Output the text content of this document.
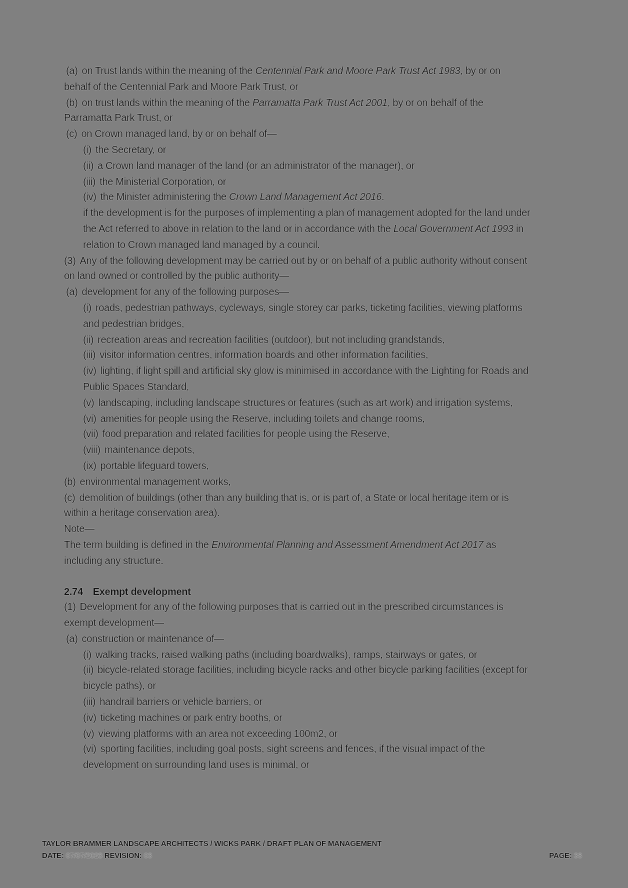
(a) on Trust lands within the meaning of the Centennial Park and Moore Park Trust Act 1983, by or on
behalf of the Centennial Park and Moore Park Trust, or
(b) on trust lands within the meaning of the Parramatta Park Trust Act 2001, by or on behalf of the
Parramatta Park Trust, or
(c) on Crown managed land, by or on behalf of—
(i) the Secretary, or
(ii) a Crown land manager of the land (or an administrator of the manager), or
(iii) the Ministerial Corporation, or
(iv) the Minister administering the Crown Land Management Act 2016.
if the development is for the purposes of implementing a plan of management adopted for the land under
the Act referred to above in relation to the land or in accordance with the Local Government Act 1993 in
relation to Crown managed land managed by a council.
(3) Any of the following development may be carried out by or on behalf of a public authority without consent
on land owned or controlled by the public authority—
(a) development for any of the following purposes—
(i) roads, pedestrian pathways, cycleways, single storey car parks, ticketing facilities, viewing platforms
and pedestrian bridges,
(ii) recreation areas and recreation facilities (outdoor), but not including grandstands,
(iii) visitor information centres, information boards and other information facilities,
(iv) lighting, if light spill and artificial sky glow is minimised in accordance with the Lighting for Roads and
Public Spaces Standard,
(v) landscaping, including landscape structures or features (such as art work) and irrigation systems,
(vi) amenities for people using the Reserve, including toilets and change rooms,
(vii) food preparation and related facilities for people using the Reserve,
(viii) maintenance depots,
(ix) portable lifeguard towers,
(b) environmental management works,
(c) demolition of buildings (other than any building that is, or is part of, a State or local heritage item or is
within a heritage conservation area).
Note—
The term building is defined in the Environmental Planning and Assessment Amendment Act 2017 as
including any structure.
2.74 Exempt development
(1) Development for any of the following purposes that is carried out in the prescribed circumstances is
exempt development—
(a) construction or maintenance of—
(i) walking tracks, raised walking paths (including boardwalks), ramps, stairways or gates, or
(ii) bicycle-related storage facilities, including bicycle racks and other bicycle parking facilities (except for
bicycle paths), or
(iii) handrail barriers or vehicle barriers, or
(iv) ticketing machines or park entry booths, or
(v) viewing platforms with an area not exceeding 100m2, or
(vi) sporting facilities, including goal posts, sight screens and fences, if the visual impact of the
development on surrounding land uses is minimal, or
TAYLOR BRAMMER LANDSCAPE ARCHITECTS / WICKS PARK / DRAFT PLAN OF MANAGEMENT
DATE: 07/07/2023 REVISION: 03	PAGE: 38
